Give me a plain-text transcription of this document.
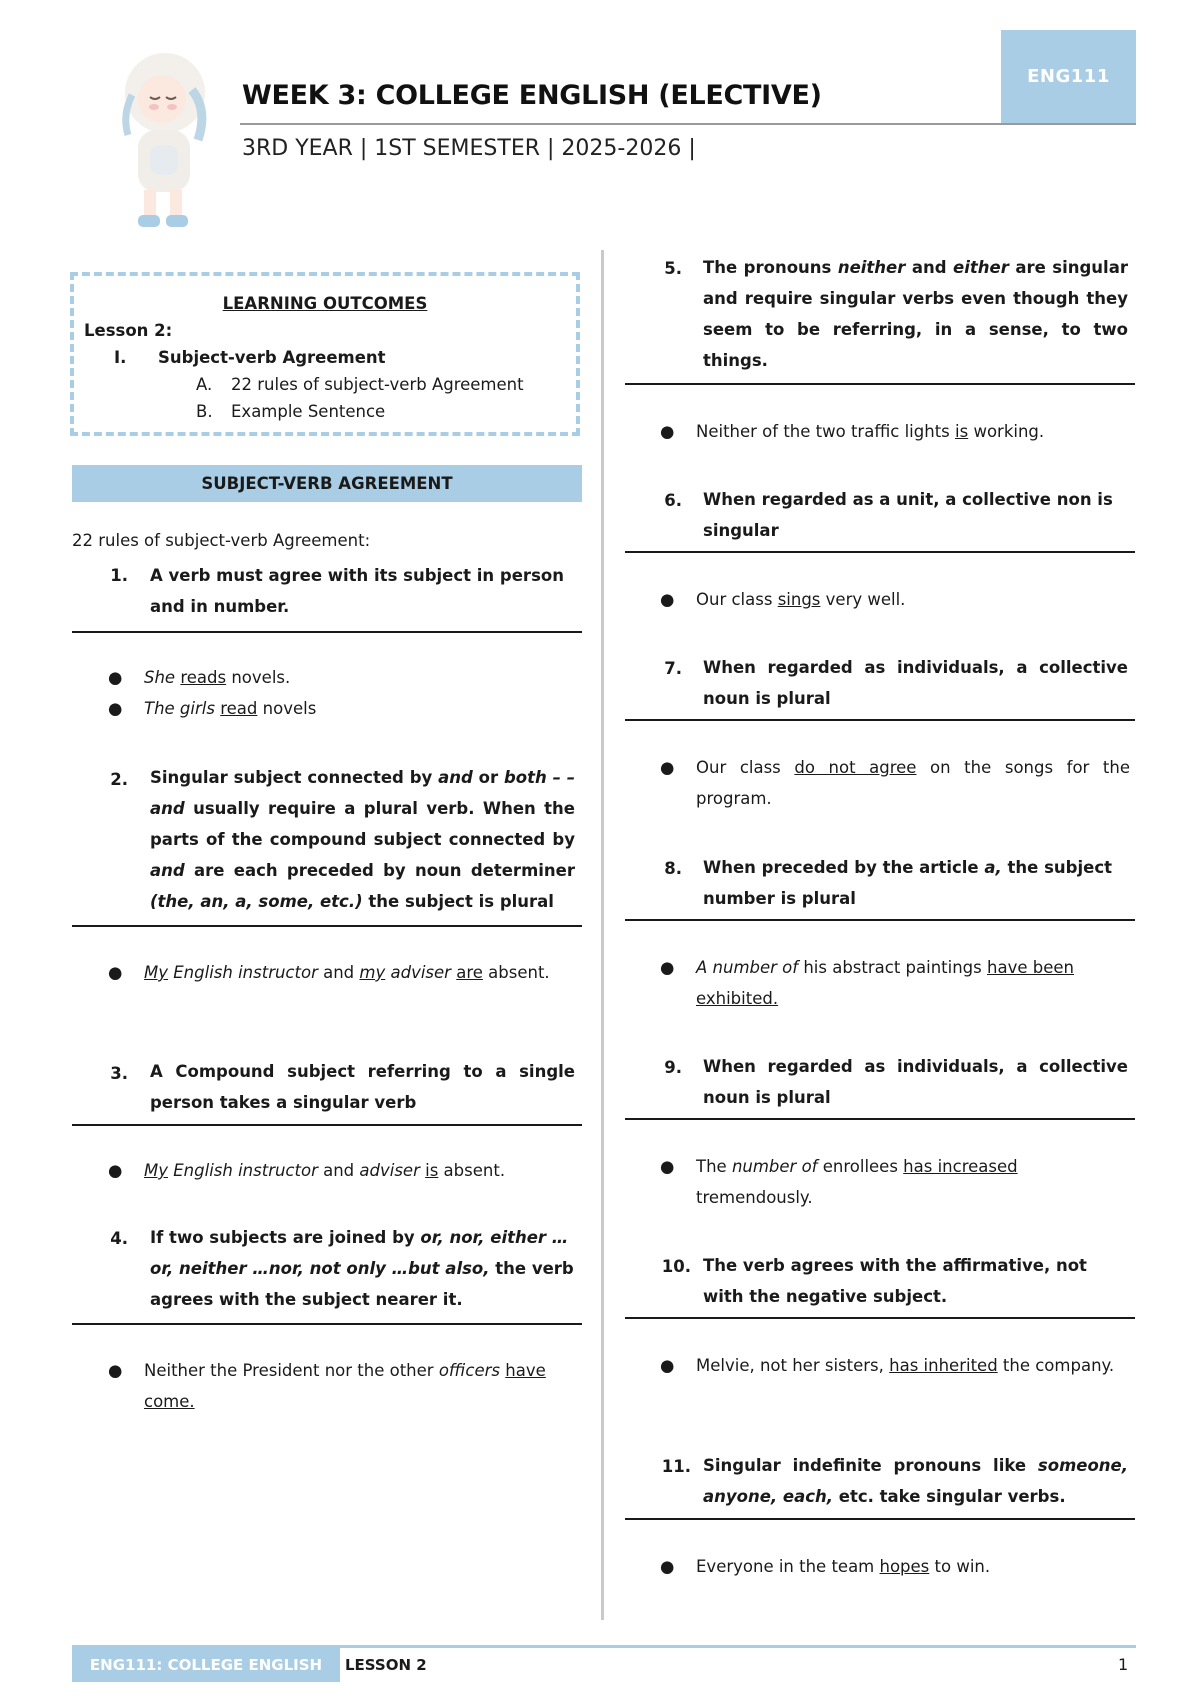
ENG111
WEEK 3: COLLEGE ENGLISH (ELECTIVE)
3RD YEAR | 1ST SEMESTER | 2025-2026 |
LEARNING OUTCOMES
Lesson 2:
I. Subject-verb Agreement
A. 22 rules of subject-verb Agreement
B. Example Sentence
SUBJECT-VERB AGREEMENT
22 rules of subject-verb Agreement:
1. A verb must agree with its subject in person and in number.
● She reads novels.
● The girls read novels
2. Singular subject connected by and or both – – and usually require a plural verb. When the parts of the compound subject connected by and are each preceded by noun determiner (the, an, a, some, etc.) the subject is plural
● My English instructor and my adviser are absent.
3. A Compound subject referring to a single person takes a singular verb
● My English instructor and adviser is absent.
4. If two subjects are joined by or, nor, either … or, neither …nor, not only …but also, the verb agrees with the subject nearer it.
● Neither the President nor the other officers have come.
5. The pronouns neither and either are singular and require singular verbs even though they seem to be referring, in a sense, to two things.
● Neither of the two traffic lights is working.
6. When regarded as a unit, a collective non is singular
● Our class sings very well.
7. When regarded as individuals, a collective noun is plural
● Our class do not agree on the songs for the program.
8. When preceded by the article a, the subject number is plural
● A number of his abstract paintings have been exhibited.
9. When regarded as individuals, a collective noun is plural
● The number of enrollees has increased tremendously.
10. The verb agrees with the affirmative, not with the negative subject.
● Melvie, not her sisters, has inherited the company.
11. Singular indefinite pronouns like someone, anyone, each, etc. take singular verbs.
● Everyone in the team hopes to win.
ENG111: COLLEGE ENGLISH	LESSON 2	1
